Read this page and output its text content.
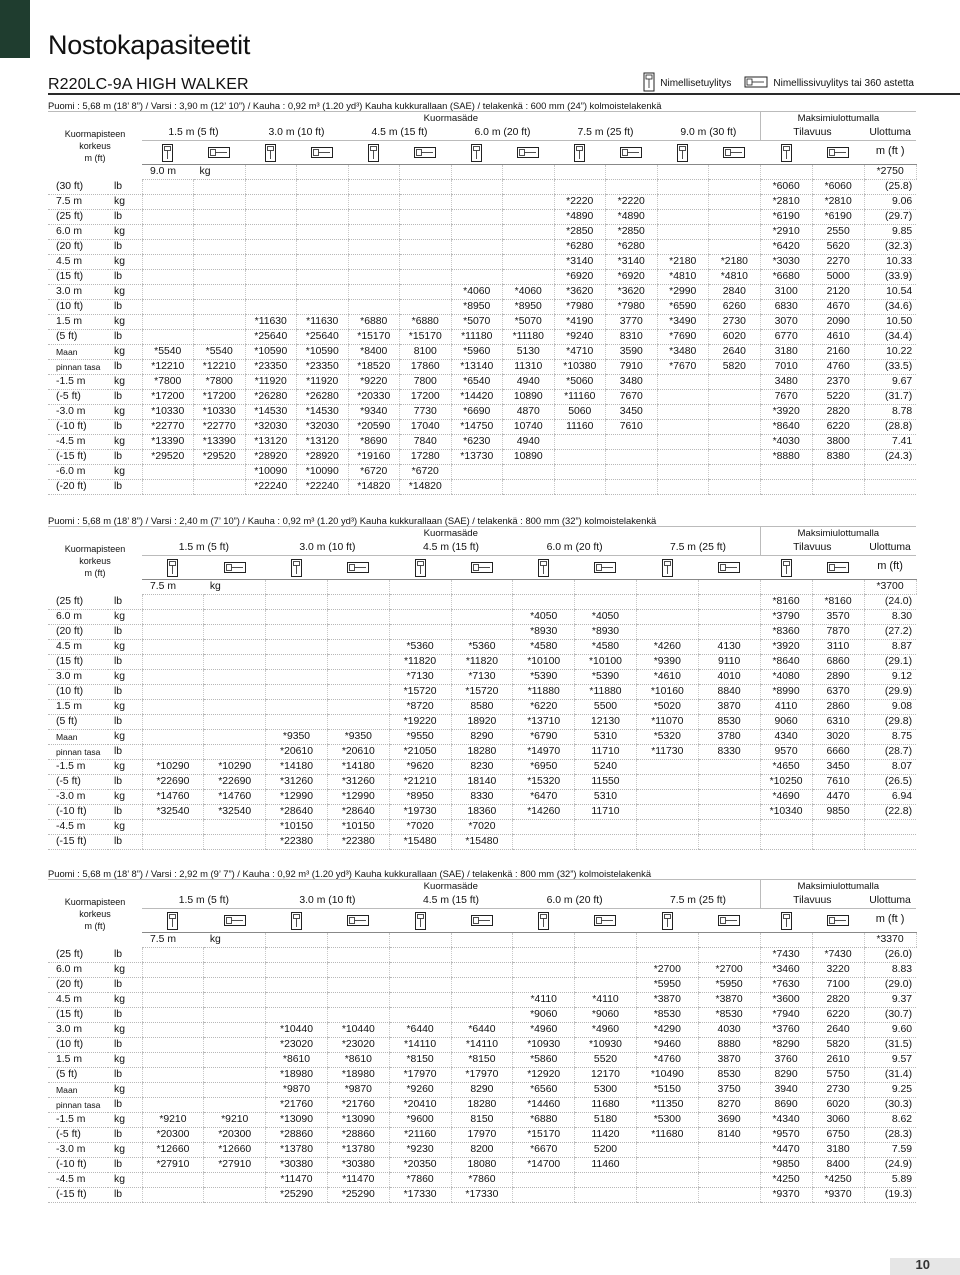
Nostokapasiteetit
R220LC-9A HIGH WALKER	Nimellisetuylitys	Nimellissivuylitys tai 360 astetta
Puomi : 5,68 m (18’ 8”) / Varsi : 3,90 m (12’ 10”) / Kauha : 0,92 m³ (1.20 yd³) Kauha kukkurallaan (SAE) / telakenkä : 600 mm (24”) kolmoistelakenkä
Kuormapisteen
korkeus
m (ft)		Kuormasäde												Maksimiulottumalla			
		1.5 m (5 ft)		3.0 m (10 ft)		4.5 m (15 ft)		6.0 m (20 ft)		7.5 m (25 ft)		9.0 m (30 ft)		Tilavuus		Ulottuma	

	m (ft )	
		9.0 m	kg													*2750		
(30 ft)	lb													*6060	*6060	(25.8)	
7.5 m	kg									*2220	*2220			*2810	*2810	9.06	
(25 ft)	lb									*4890	*4890			*6190	*6190	(29.7)	
6.0 m	kg									*2850	*2850			*2910	2550	9.85	
(20 ft)	lb									*6280	*6280			*6420	5620	(32.3)	
4.5 m	kg									*3140	*3140	*2180	*2180	*3030	2270	10.33	
(15 ft)	lb									*6920	*6920	*4810	*4810	*6680	5000	(33.9)	
3.0 m	kg							*4060	*4060	*3620	*3620	*2990	2840	3100	2120	10.54	
(10 ft)	lb							*8950	*8950	*7980	*7980	*6590	6260	6830	4670	(34.6)	
1.5 m	kg			*11630	*11630	*6880	*6880	*5070	*5070	*4190	3770	*3490	2730	3070	2090	10.50	
(5 ft)	lb			*25640	*25640	*15170	*15170	*11180	*11180	*9240	8310	*7690	6020	6770	4610	(34.4)	
Maan	kg	*5540	*5540	*10590	*10590	*8400	8100	*5960	5130	*4710	3590	*3480	2640	3180	2160	10.22	
pinnan tasa	lb	*12210	*12210	*23350	*23350	*18520	17860	*13140	11310	*10380	7910	*7670	5820	7010	4760	(33.5)	
-1.5 m	kg	*7800	*7800	*11920	*11920	*9220	7800	*6540	4940	*5060	3480			3480	2370	9.67	
(-5 ft)	lb	*17200	*17200	*26280	*26280	*20330	17200	*14420	10890	*11160	7670			7670	5220	(31.7)	
-3.0 m	kg	*10330	*10330	*14530	*14530	*9340	7730	*6690	4870	5060	3450			*3920	2820	8.78	
(-10 ft)	lb	*22770	*22770	*32030	*32030	*20590	17040	*14750	10740	11160	7610			*8640	6220	(28.8)	
-4.5 m	kg	*13390	*13390	*13120	*13120	*8690	7840	*6230	4940					*4030	3800	7.41	
(-15 ft)	lb	*29520	*29520	*28920	*28920	*19160	17280	*13730	10890					*8880	8380	(24.3)	
-6.0 m	kg			*10090	*10090	*6720	*6720										
(-20 ft)	lb			*22240	*22240	*14820	*14820										
Puomi : 5,68 m (18’ 8”) / Varsi : 2,40 m (7’ 10”) / Kauha : 0,92 m³ (1.20 yd³) Kauha kukkurallaan (SAE) / telakenkä : 800 mm (32”) kolmoistelakenkä
Kuormapisteen
korkeus
m (ft)		Kuormasäde										Maksimiulottumalla			
		1.5 m (5 ft)		3.0 m (10 ft)		4.5 m (15 ft)		6.0 m (20 ft)		7.5 m (25 ft)		Tilavuus		Ulottuma	

	m (ft)	
		7.5 m	kg											*3700		
(25 ft)	lb											*8160	*8160	(24.0)	
6.0 m	kg							*4050	*4050			*3790	3570	8.30	
(20 ft)	lb							*8930	*8930			*8360	7870	(27.2)	
4.5 m	kg					*5360	*5360	*4580	*4580	*4260	4130	*3920	3110	8.87	
(15 ft)	lb					*11820	*11820	*10100	*10100	*9390	9110	*8640	6860	(29.1)	
3.0 m	kg					*7130	*7130	*5390	*5390	*4610	4010	*4080	2890	9.12	
(10 ft)	lb					*15720	*15720	*11880	*11880	*10160	8840	*8990	6370	(29.9)	
1.5 m	kg					*8720	8580	*6220	5500	*5020	3870	4110	2860	9.08	
(5 ft)	lb					*19220	18920	*13710	12130	*11070	8530	9060	6310	(29.8)	
Maan	kg			*9350	*9350	*9550	8290	*6790	5310	*5320	3780	4340	3020	8.75	
pinnan tasa	lb			*20610	*20610	*21050	18280	*14970	11710	*11730	8330	9570	6660	(28.7)	
-1.5 m	kg	*10290	*10290	*14180	*14180	*9620	8230	*6950	5240			*4650	3450	8.07	
(-5 ft)	lb	*22690	*22690	*31260	*31260	*21210	18140	*15320	11550			*10250	7610	(26.5)	
-3.0 m	kg	*14760	*14760	*12990	*12990	*8950	8330	*6470	5310			*4690	4470	6.94	
(-10 ft)	lb	*32540	*32540	*28640	*28640	*19730	18360	*14260	11710			*10340	9850	(22.8)	
-4.5 m	kg			*10150	*10150	*7020	*7020								
(-15 ft)	lb			*22380	*22380	*15480	*15480								
Puomi : 5,68 m (18’ 8”) / Varsi : 2,92 m (9’ 7”) / Kauha : 0,92 m³ (1.20 yd³) Kauha kukkurallaan (SAE) / telakenkä : 800 mm (32”) kolmoistelakenkä
Kuormapisteen
korkeus
m (ft)		Kuormasäde										Maksimiulottumalla			
		1.5 m (5 ft)		3.0 m (10 ft)		4.5 m (15 ft)		6.0 m (20 ft)		7.5 m (25 ft)		Tilavuus		Ulottuma	

	m (ft )	
		7.5 m	kg											*3370		
(25 ft)	lb											*7430	*7430	(26.0)	
6.0 m	kg									*2700	*2700	*3460	3220	8.83	
(20 ft)	lb									*5950	*5950	*7630	7100	(29.0)	
4.5 m	kg							*4110	*4110	*3870	*3870	*3600	2820	9.37	
(15 ft)	lb							*9060	*9060	*8530	*8530	*7940	6220	(30.7)	
3.0 m	kg			*10440	*10440	*6440	*6440	*4960	*4960	*4290	4030	*3760	2640	9.60	
(10 ft)	lb			*23020	*23020	*14110	*14110	*10930	*10930	*9460	8880	*8290	5820	(31.5)	
1.5 m	kg			*8610	*8610	*8150	*8150	*5860	5520	*4760	3870	3760	2610	9.57	
(5 ft)	lb			*18980	*18980	*17970	*17970	*12920	12170	*10490	8530	8290	5750	(31.4)	
Maan	kg			*9870	*9870	*9260	8290	*6560	5300	*5150	3750	3940	2730	9.25	
pinnan tasa	lb			*21760	*21760	*20410	18280	*14460	11680	*11350	8270	8690	6020	(30.3)	
-1.5 m	kg	*9210	*9210	*13090	*13090	*9600	8150	*6880	5180	*5300	3690	*4340	3060	8.62	
(-5 ft)	lb	*20300	*20300	*28860	*28860	*21160	17970	*15170	11420	*11680	8140	*9570	6750	(28.3)	
-3.0 m	kg	*12660	*12660	*13780	*13780	*9230	8200	*6670	5200			*4470	3180	7.59	
(-10 ft)	lb	*27910	*27910	*30380	*30380	*20350	18080	*14700	11460			*9850	8400	(24.9)	
-4.5 m	kg			*11470	*11470	*7860	*7860					*4250	*4250	5.89	
(-15 ft)	lb			*25290	*25290	*17330	*17330					*9370	*9370	(19.3)	
10
